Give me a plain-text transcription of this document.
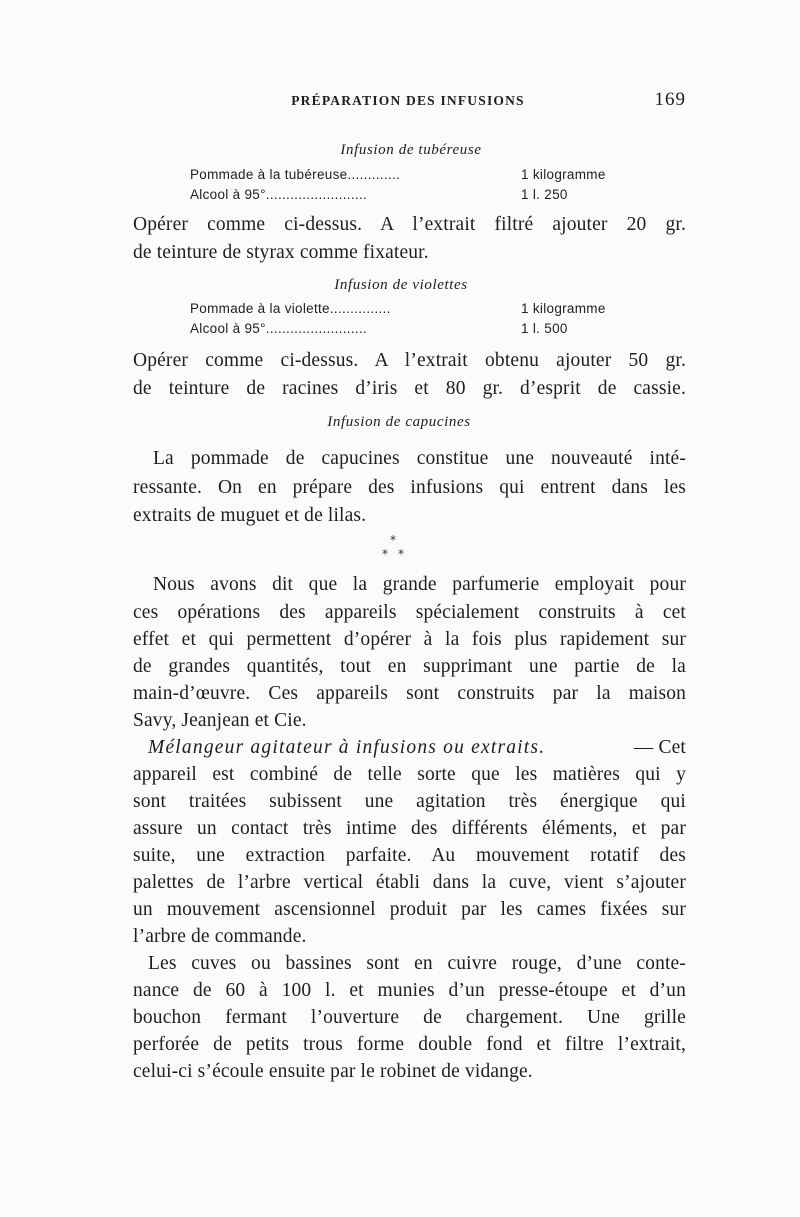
PRÉPARATION DES INFUSIONS	169
Infusion de tubéreuse
Pommade à la tubéreuse.............	1 kilogramme
Alcool à 95°.........................	1 l. 250
Opérer comme ci-dessus. A l’extrait filtré ajouter 20 gr.
de teinture de styrax comme fixateur.
Infusion de violettes
Pommade à la violette...............	1 kilogramme
Alcool à 95°.........................	1 l. 500
Opérer comme ci-dessus. A l’extrait obtenu ajouter 50 gr.
de teinture de racines d’iris et 80 gr. d’esprit de cassie.
Infusion de capucines
La pommade de capucines constitue une nouveauté inté-
ressante. On en prépare des infusions qui entrent dans les
extraits de muguet et de lilas.
*
* *
Nous avons dit que la grande parfumerie employait pour
ces opérations des appareils spécialement construits à cet
effet et qui permettent d’opérer à la fois plus rapidement sur
de grandes quantités, tout en supprimant une partie de la
main-d’œuvre. Ces appareils sont construits par la maison
Savy, Jeanjean et Cie.
Mélangeur agitateur à infusions ou extraits.	— Cet
appareil est combiné de telle sorte que les matières qui y
sont traitées subissent une agitation très énergique qui
assure un contact très intime des différents éléments, et par
suite, une extraction parfaite. Au mouvement rotatif des
palettes de l’arbre vertical établi dans la cuve, vient s’ajouter
un mouvement ascensionnel produit par les cames fixées sur
l’arbre de commande.
Les cuves ou bassines sont en cuivre rouge, d’une conte-
nance de 60 à 100 l. et munies d’un presse-étoupe et d’un
bouchon fermant l’ouverture de chargement. Une grille
perforée de petits trous forme double fond et filtre l’extrait,
celui-ci s’écoule ensuite par le robinet de vidange.
